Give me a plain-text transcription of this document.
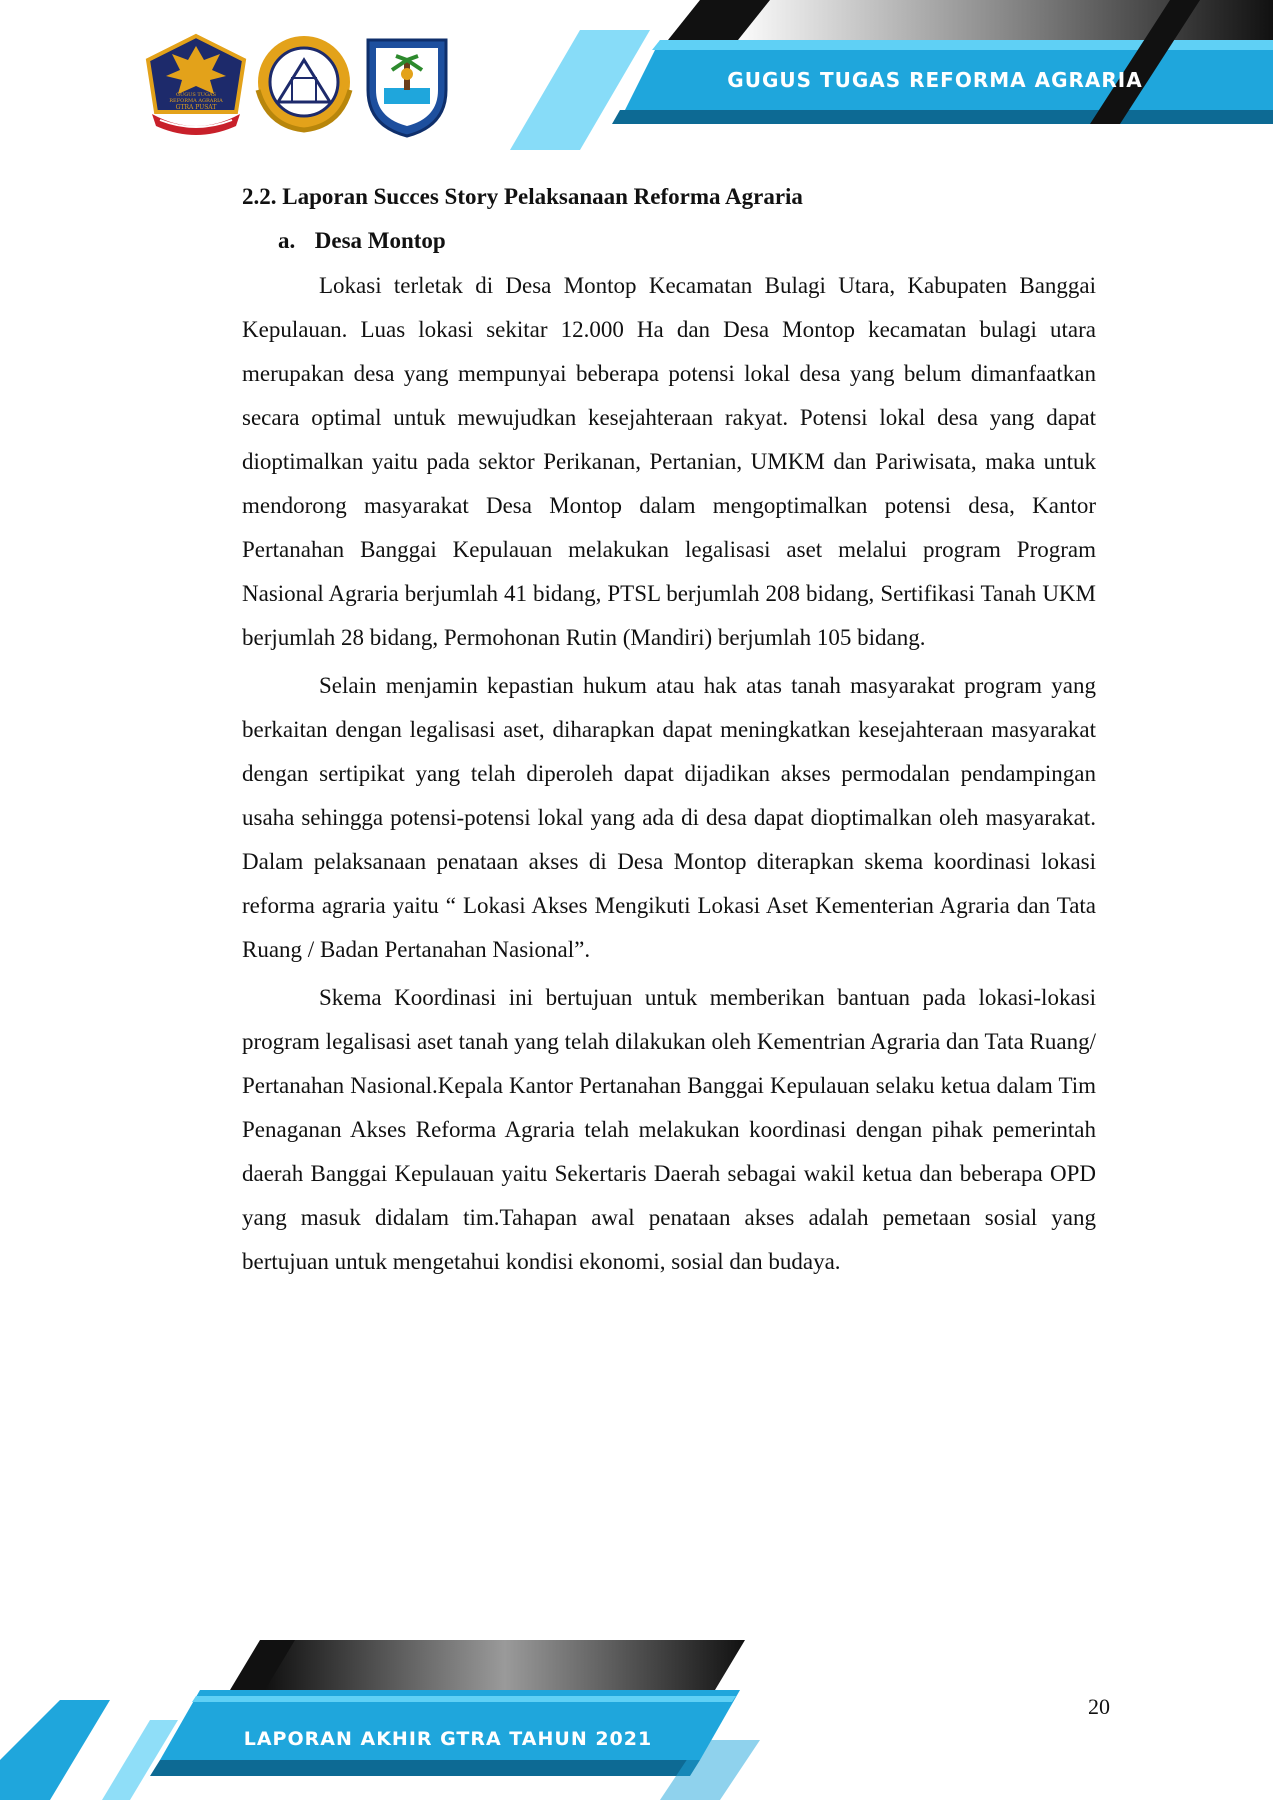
GUGUS TUGAS
REFORMA AGRARIA
GTRA PUSAT
GUGUS TUGAS REFORMA AGRARIA

2.2. Laporan Succes Story Pelaksanaan Reforma Agraria

a. Desa Montop

Lokasi terletak di Desa Montop Kecamatan Bulagi Utara, Kabupaten Banggai Kepulauan. Luas lokasi sekitar 12.000 Ha dan Desa Montop kecamatan bulagi utara merupakan desa yang mempunyai beberapa potensi lokal desa yang belum dimanfaatkan secara optimal untuk mewujudkan kesejahteraan rakyat. Potensi lokal desa yang dapat dioptimalkan yaitu pada sektor Perikanan, Pertanian, UMKM dan Pariwisata, maka untuk mendorong masyarakat Desa Montop dalam mengoptimalkan potensi desa, Kantor Pertanahan Banggai Kepulauan melakukan legalisasi aset melalui program Program Nasional Agraria berjumlah 41 bidang, PTSL berjumlah 208 bidang, Sertifikasi Tanah UKM berjumlah 28 bidang, Permohonan Rutin (Mandiri) berjumlah 105 bidang.

Selain menjamin kepastian hukum atau hak atas tanah masyarakat program yang berkaitan dengan legalisasi aset, diharapkan dapat meningkatkan kesejahteraan masyarakat dengan sertipikat yang telah diperoleh dapat dijadikan akses permodalan pendampingan usaha sehingga potensi-potensi lokal yang ada di desa dapat dioptimalkan oleh masyarakat. Dalam pelaksanaan penataan akses di Desa Montop diterapkan skema koordinasi lokasi reforma agraria yaitu “ Lokasi Akses Mengikuti Lokasi Aset Kementerian Agraria dan Tata Ruang / Badan Pertanahan Nasional”.

Skema Koordinasi ini bertujuan untuk memberikan bantuan pada lokasi-lokasi program legalisasi aset tanah yang telah dilakukan oleh Kementrian Agraria dan Tata Ruang/ Pertanahan Nasional.Kepala Kantor Pertanahan Banggai Kepulauan selaku ketua dalam Tim Penaganan Akses Reforma Agraria telah melakukan koordinasi dengan pihak pemerintah daerah Banggai Kepulauan yaitu Sekertaris Daerah sebagai wakil ketua dan beberapa OPD yang masuk didalam tim.Tahapan awal penataan akses adalah pemetaan sosial yang bertujuan untuk mengetahui kondisi ekonomi, sosial dan budaya.

LAPORAN AKHIR GTRA TAHUN 2021
20
